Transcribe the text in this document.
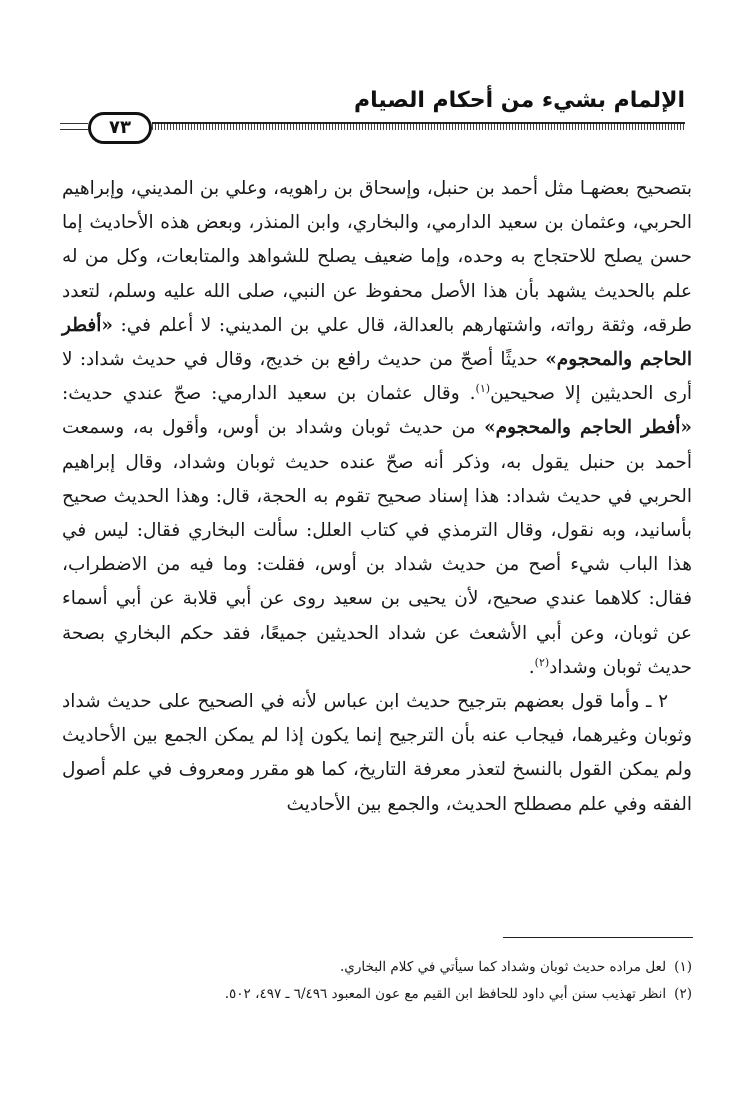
الإلمام بشيء من أحكام الصيام
٧٣

بتصحيح بعضهـا مثل أحمد بن حنبل، وإسحاق بن راهويه، وعلي بن المديني، وإبراهيم الحربي، وعثمان بن سعيد الدارمي، والبخاري، وابن المنذر، وبعض هذه الأحاديث إما حسن يصلح للاحتجاج به وحده، وإما ضعيف يصلح للشواهد والمتابعات، وكل من له علم بالحديث يشهد بأن هذا الأصل محفوظ عن النبي، صلى الله عليه وسلم، لتعدد طرقه، وثقة رواته، واشتهارهم بالعدالة، قال علي بن المديني: لا أعلم في: «أفطر الحاجم والمحجوم» حديثًا أصحّ من حديث رافع بن خديج، وقال في حديث شداد: لا أرى الحديثين إلا صحيحين$^{(١)}$. وقال عثمان بن سعيد الدارمي: صحّ عندي حديث: «أفطر الحاجم والمحجوم» من حديث ثوبان وشداد بن أوس، وأقول به، وسمعت أحمد بن حنبل يقول به، وذكر أنه صحّ عنده حديث ثوبان وشداد، وقال إبراهيم الحربي في حديث شداد: هذا إسناد صحيح تقوم به الحجة، قال: وهذا الحديث صحيح بأسانيد، وبه نقول، وقال الترمذي في كتاب العلل: سألت البخاري فقال: ليس في هذا الباب شيء أصح من حديث شداد بن أوس، فقلت: وما فيه من الاضطراب، فقال: كلاهما عندي صحيح، لأن يحيى بن سعيد روى عن أبي قلابة عن أبي أسماء عن ثوبان، وعن أبي الأشعث عن شداد الحديثين جميعًا، فقد حكم البخاري بصحة حديث ثوبان وشداد$^{(٢)}$.

٢ ـ وأما قول بعضهم بترجيح حديث ابن عباس لأنه في الصحيح على حديث شداد وثوبان وغيرهما، فيجاب عنه بأن الترجيح إنما يكون إذا لم يمكن الجمع بين الأحاديث ولم يمكن القول بالنسخ لتعذر معرفة التاريخ، كما هو مقرر ومعروف في علم أصول الفقه وفي علم مصطلح الحديث، والجمع بين الأحاديث

(١)لعل مراده حديث ثوبان وشداد كما سيأتي في كلام البخاري.
(٢)انظر تهذيب سنن أبي داود للحافظ ابن القيم مع عون المعبود ٦/٤٩٦ ـ ٤٩٧، ٥٠٢.
